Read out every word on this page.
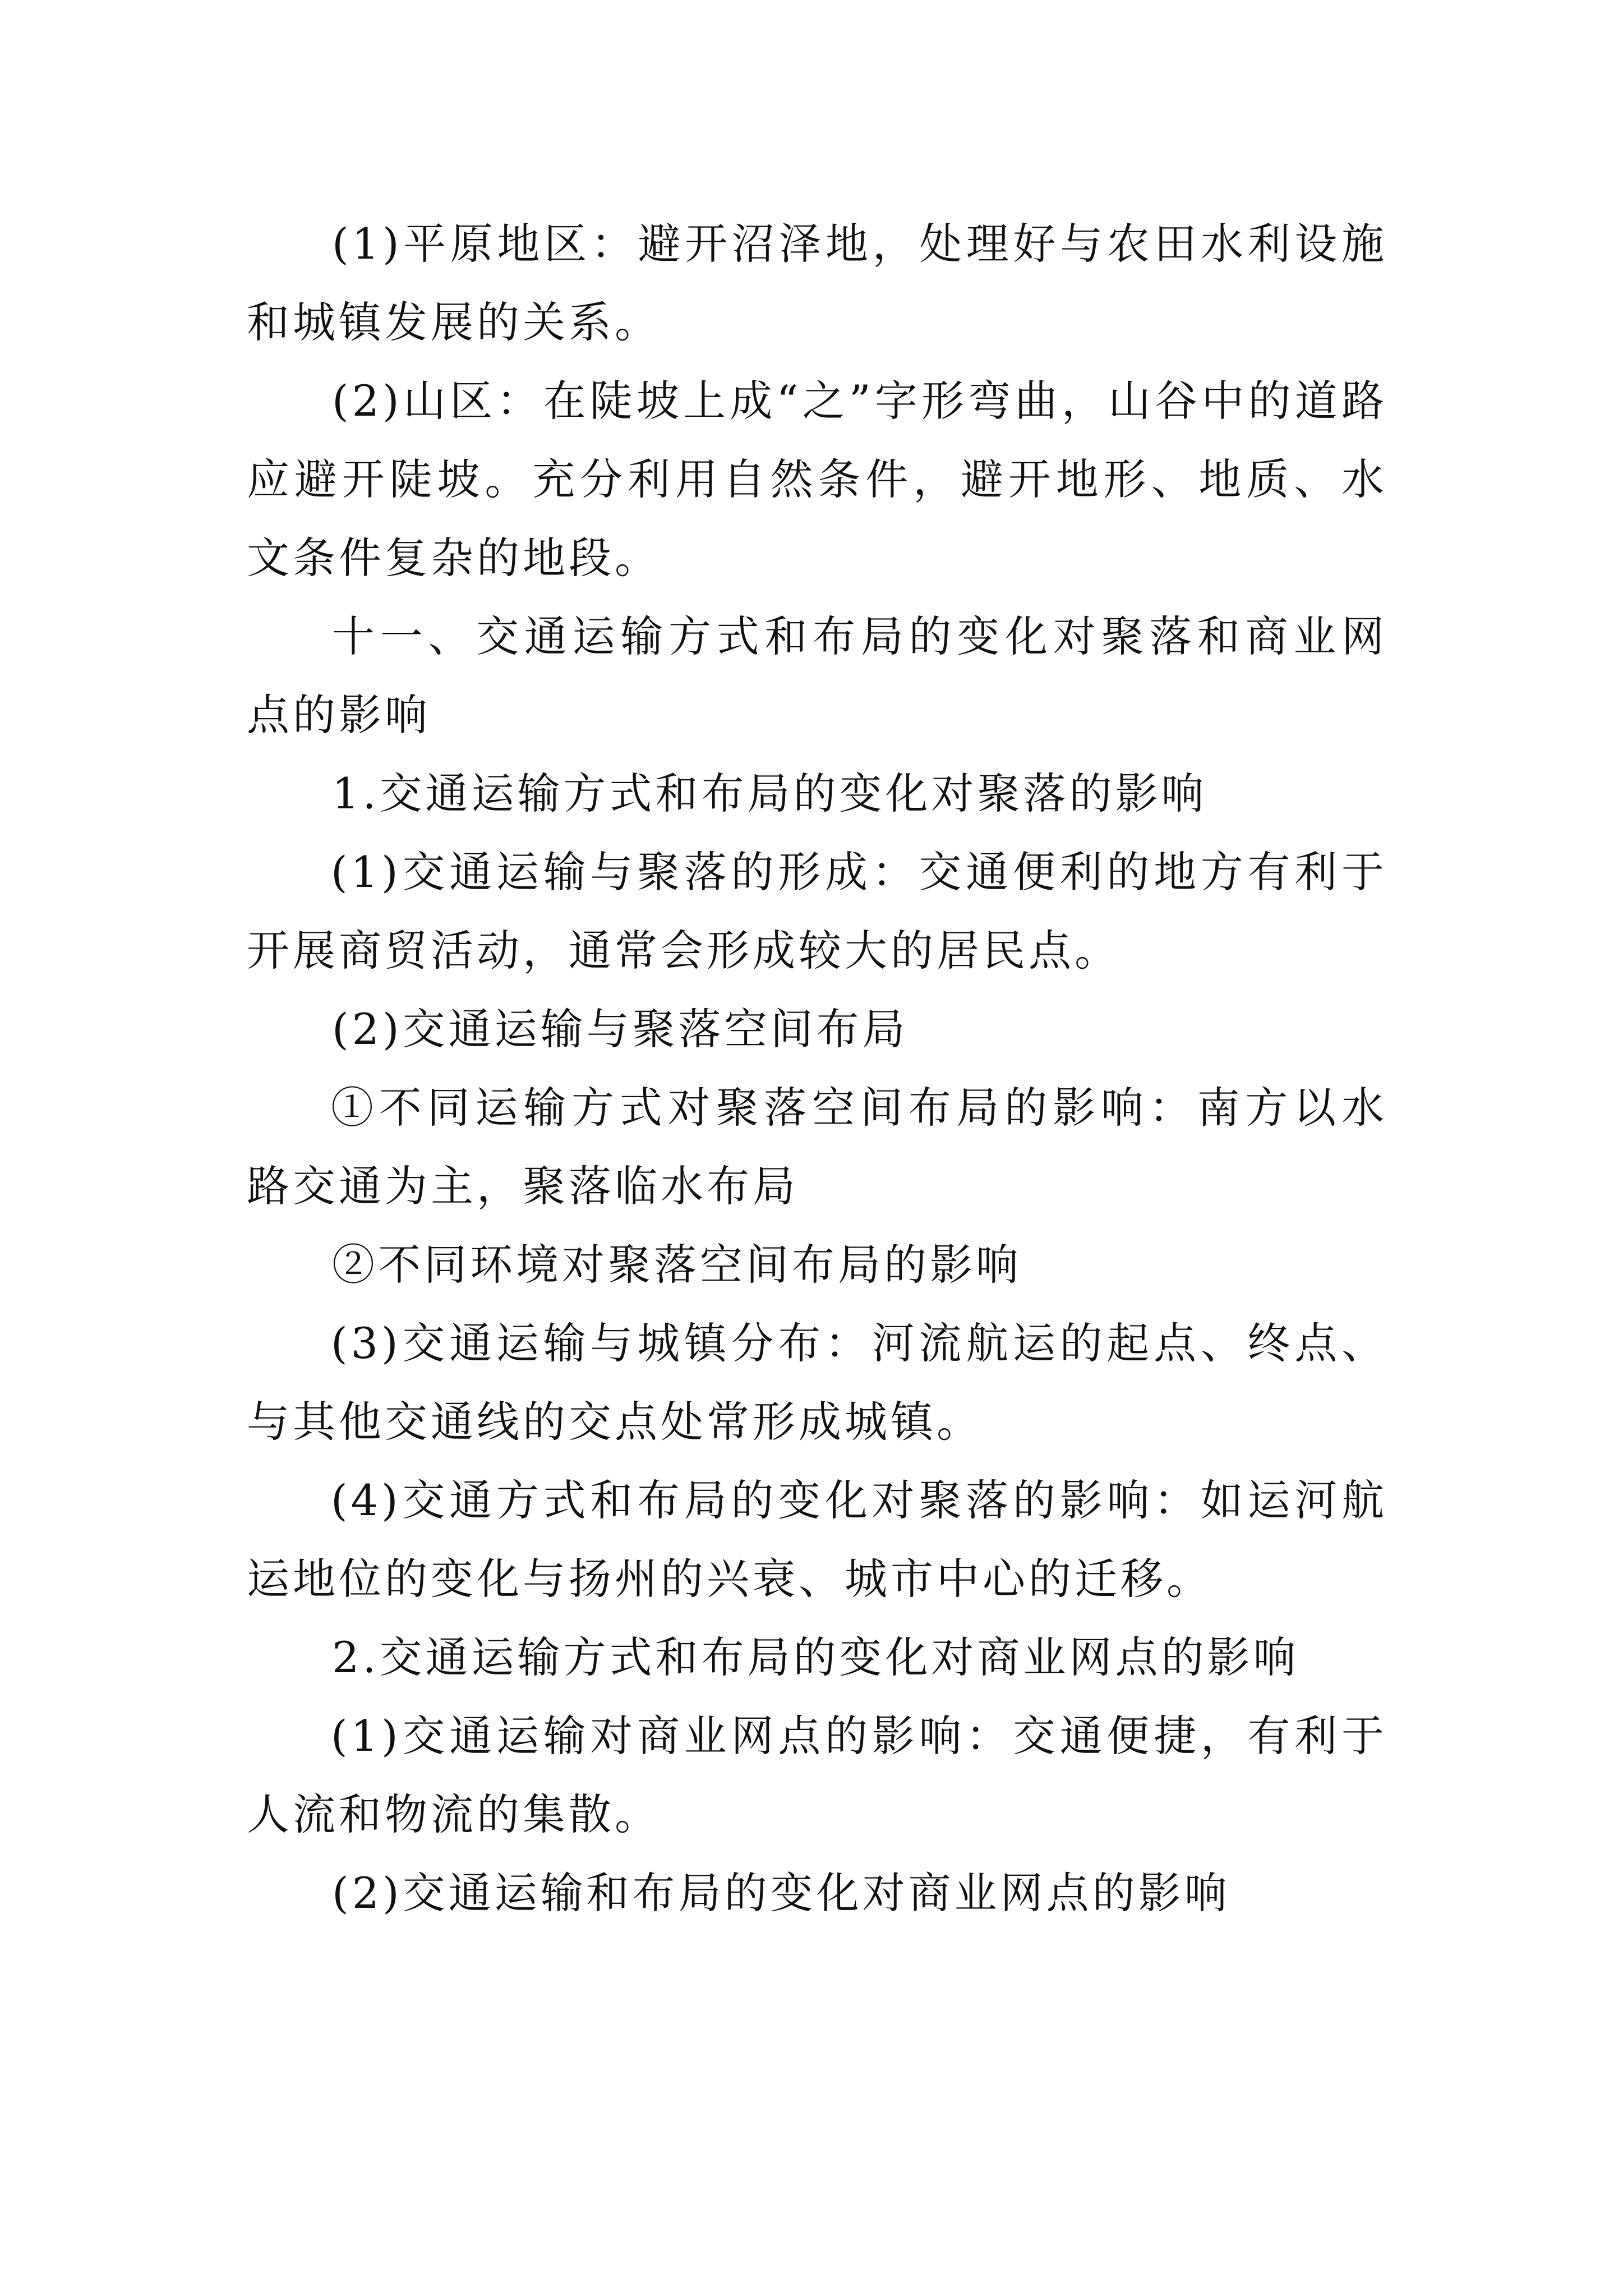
(1)平原地区：避开沼泽地，处理好与农田水利设施和城镇发展的关系。

(2)山区：在陡坡上成“之”字形弯曲，山谷中的道路应避开陡坡。充分利用自然条件，避开地形、地质、水文条件复杂的地段。

十一、交通运输方式和布局的变化对聚落和商业网点的影响

1.交通运输方式和布局的变化对聚落的影响

(1)交通运输与聚落的形成：交通便利的地方有利于开展商贸活动，通常会形成较大的居民点。

(2)交通运输与聚落空间布局

①不同运输方式对聚落空间布局的影响：南方以水路交通为主，聚落临水布局

②不同环境对聚落空间布局的影响

(3)交通运输与城镇分布：河流航运的起点、终点、与其他交通线的交点处常形成城镇。

(4)交通方式和布局的变化对聚落的影响：如运河航运地位的变化与扬州的兴衰、城市中心的迁移。

2.交通运输方式和布局的变化对商业网点的影响

(1)交通运输对商业网点的影响：交通便捷，有利于人流和物流的集散。

(2)交通运输和布局的变化对商业网点的影响
